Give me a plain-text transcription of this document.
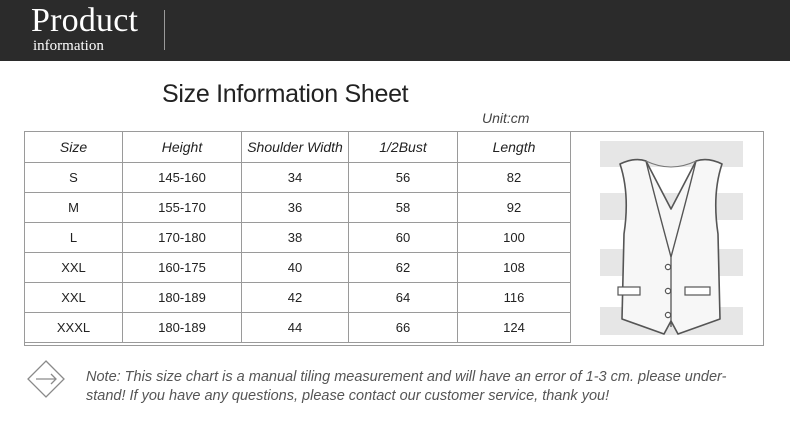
Product
information
Size Information Sheet
Unit:cm
Size	Height	Shoulder Width	1/2Bust	Length
S	145-160	34	56	82
M	155-170	36	58	92
L	170-180	38	60	100
XXL	160-175	40	62	108
XXL	180-189	42	64	116
XXXL	180-189	44	66	124
Note: This size chart is a manual tiling measurement and will have an error of 1-3 cm. please under-
stand! If you have any questions, please contact our customer service, thank you!
